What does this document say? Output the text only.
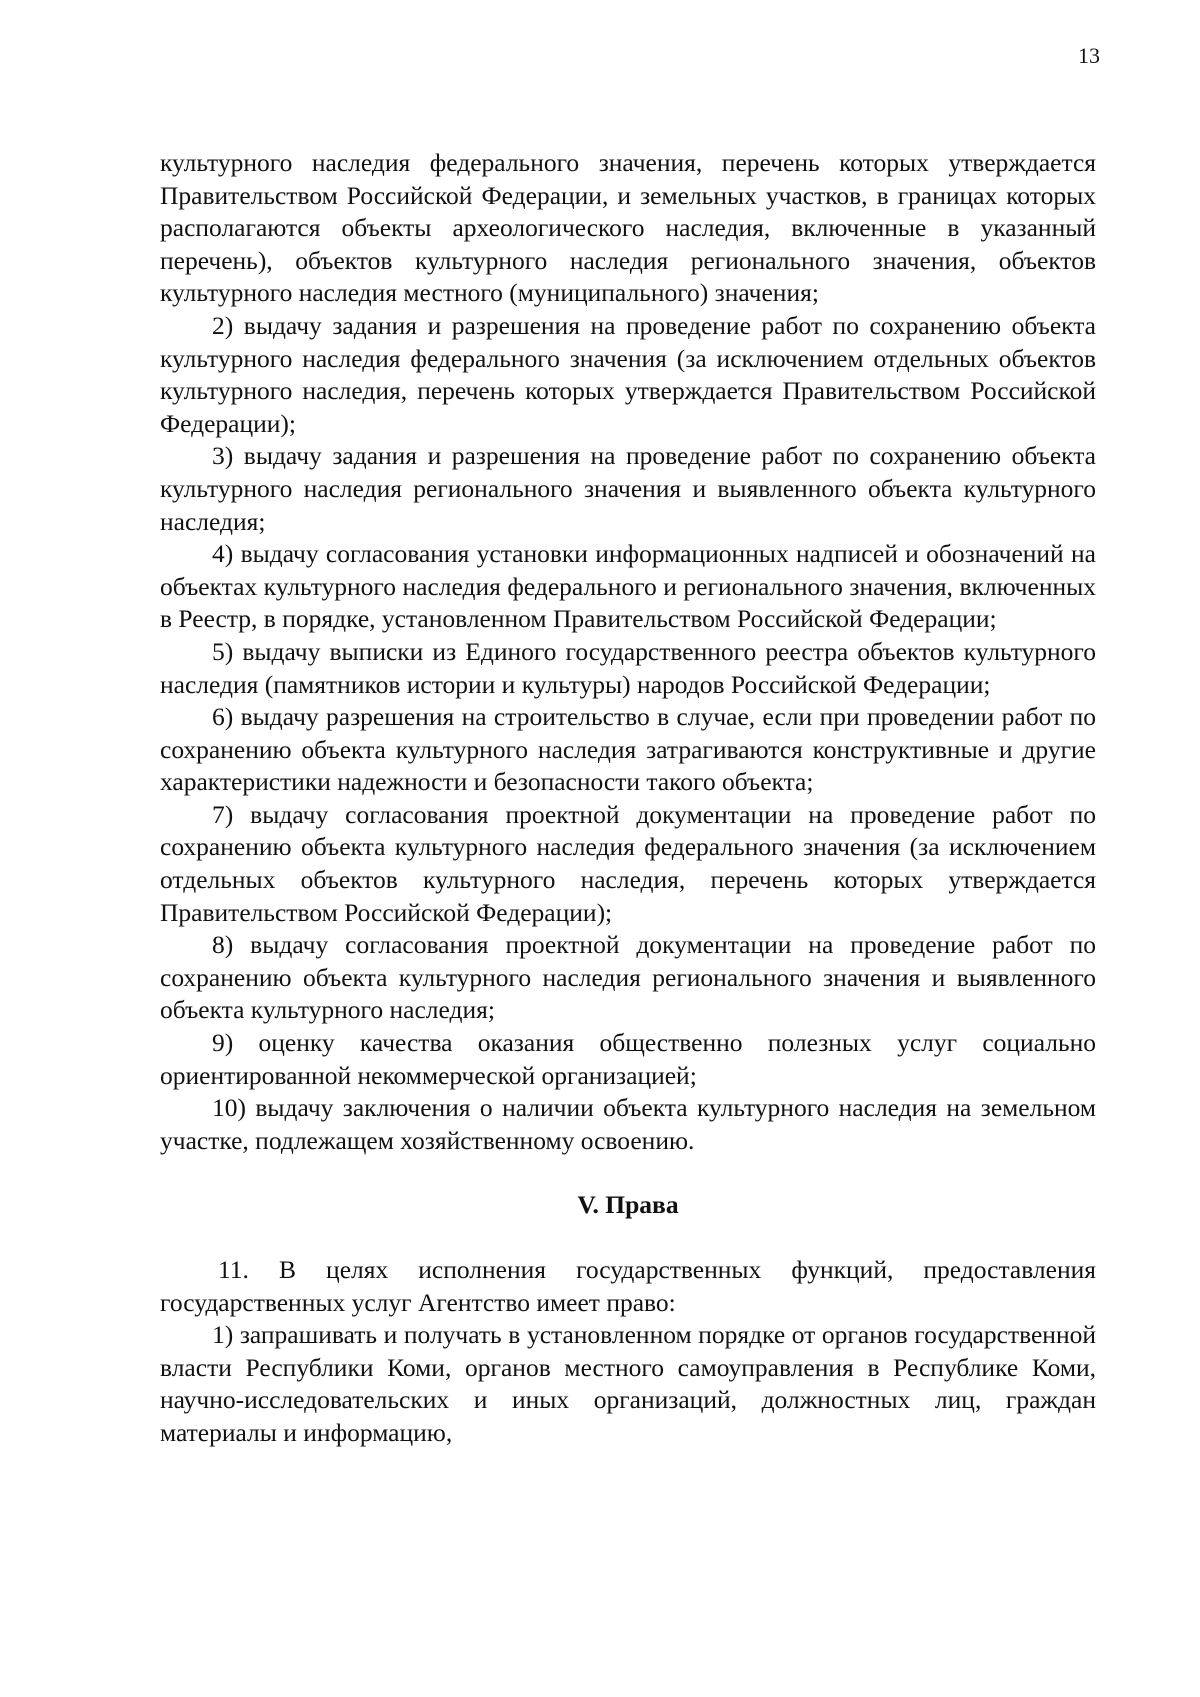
13

культурного наследия федерального значения, перечень которых утверждается Правительством Российской Федерации, и земельных участков, в границах которых располагаются объекты археологического наследия, включенные в указанный перечень), объектов культурного наследия регионального значения, объектов культурного наследия местного (муниципального) значения;

2) выдачу задания и разрешения на проведение работ по сохранению объекта культурного наследия федерального значения (за исключением отдельных объектов культурного наследия, перечень которых утверждается Правительством Российской Федерации);

3) выдачу задания и разрешения на проведение работ по сохранению объекта культурного наследия регионального значения и выявленного объекта культурного наследия;

4) выдачу согласования установки информационных надписей и обозначений на объектах культурного наследия федерального и регионального значения, включенных в Реестр, в порядке, установленном Правительством Российской Федерации;

5) выдачу выписки из Единого государственного реестра объектов культурного наследия (памятников истории и культуры) народов Российской Федерации;

6) выдачу разрешения на строительство в случае, если при проведении работ по сохранению объекта культурного наследия затрагиваются конструктивные и другие характеристики надежности и безопасности такого объекта;

7) выдачу согласования проектной документации на проведение работ по сохранению объекта культурного наследия федерального значения (за исключением отдельных объектов культурного наследия, перечень которых утверждается Правительством Российской Федерации);

8) выдачу согласования проектной документации на проведение работ по сохранению объекта культурного наследия регионального значения и выявленного объекта культурного наследия;

9) оценку качества оказания общественно полезных услуг социально ориентированной некоммерческой организацией;

10) выдачу заключения о наличии объекта культурного наследия на земельном участке, подлежащем хозяйственному освоению.

V. Права

11. В целях исполнения государственных функций, предоставления государственных услуг Агентство имеет право:

1) запрашивать и получать в установленном порядке от органов государственной власти Республики Коми, органов местного самоуправления в Республике Коми, научно-исследовательских и иных организаций, должностных лиц, граждан материалы и информацию,
